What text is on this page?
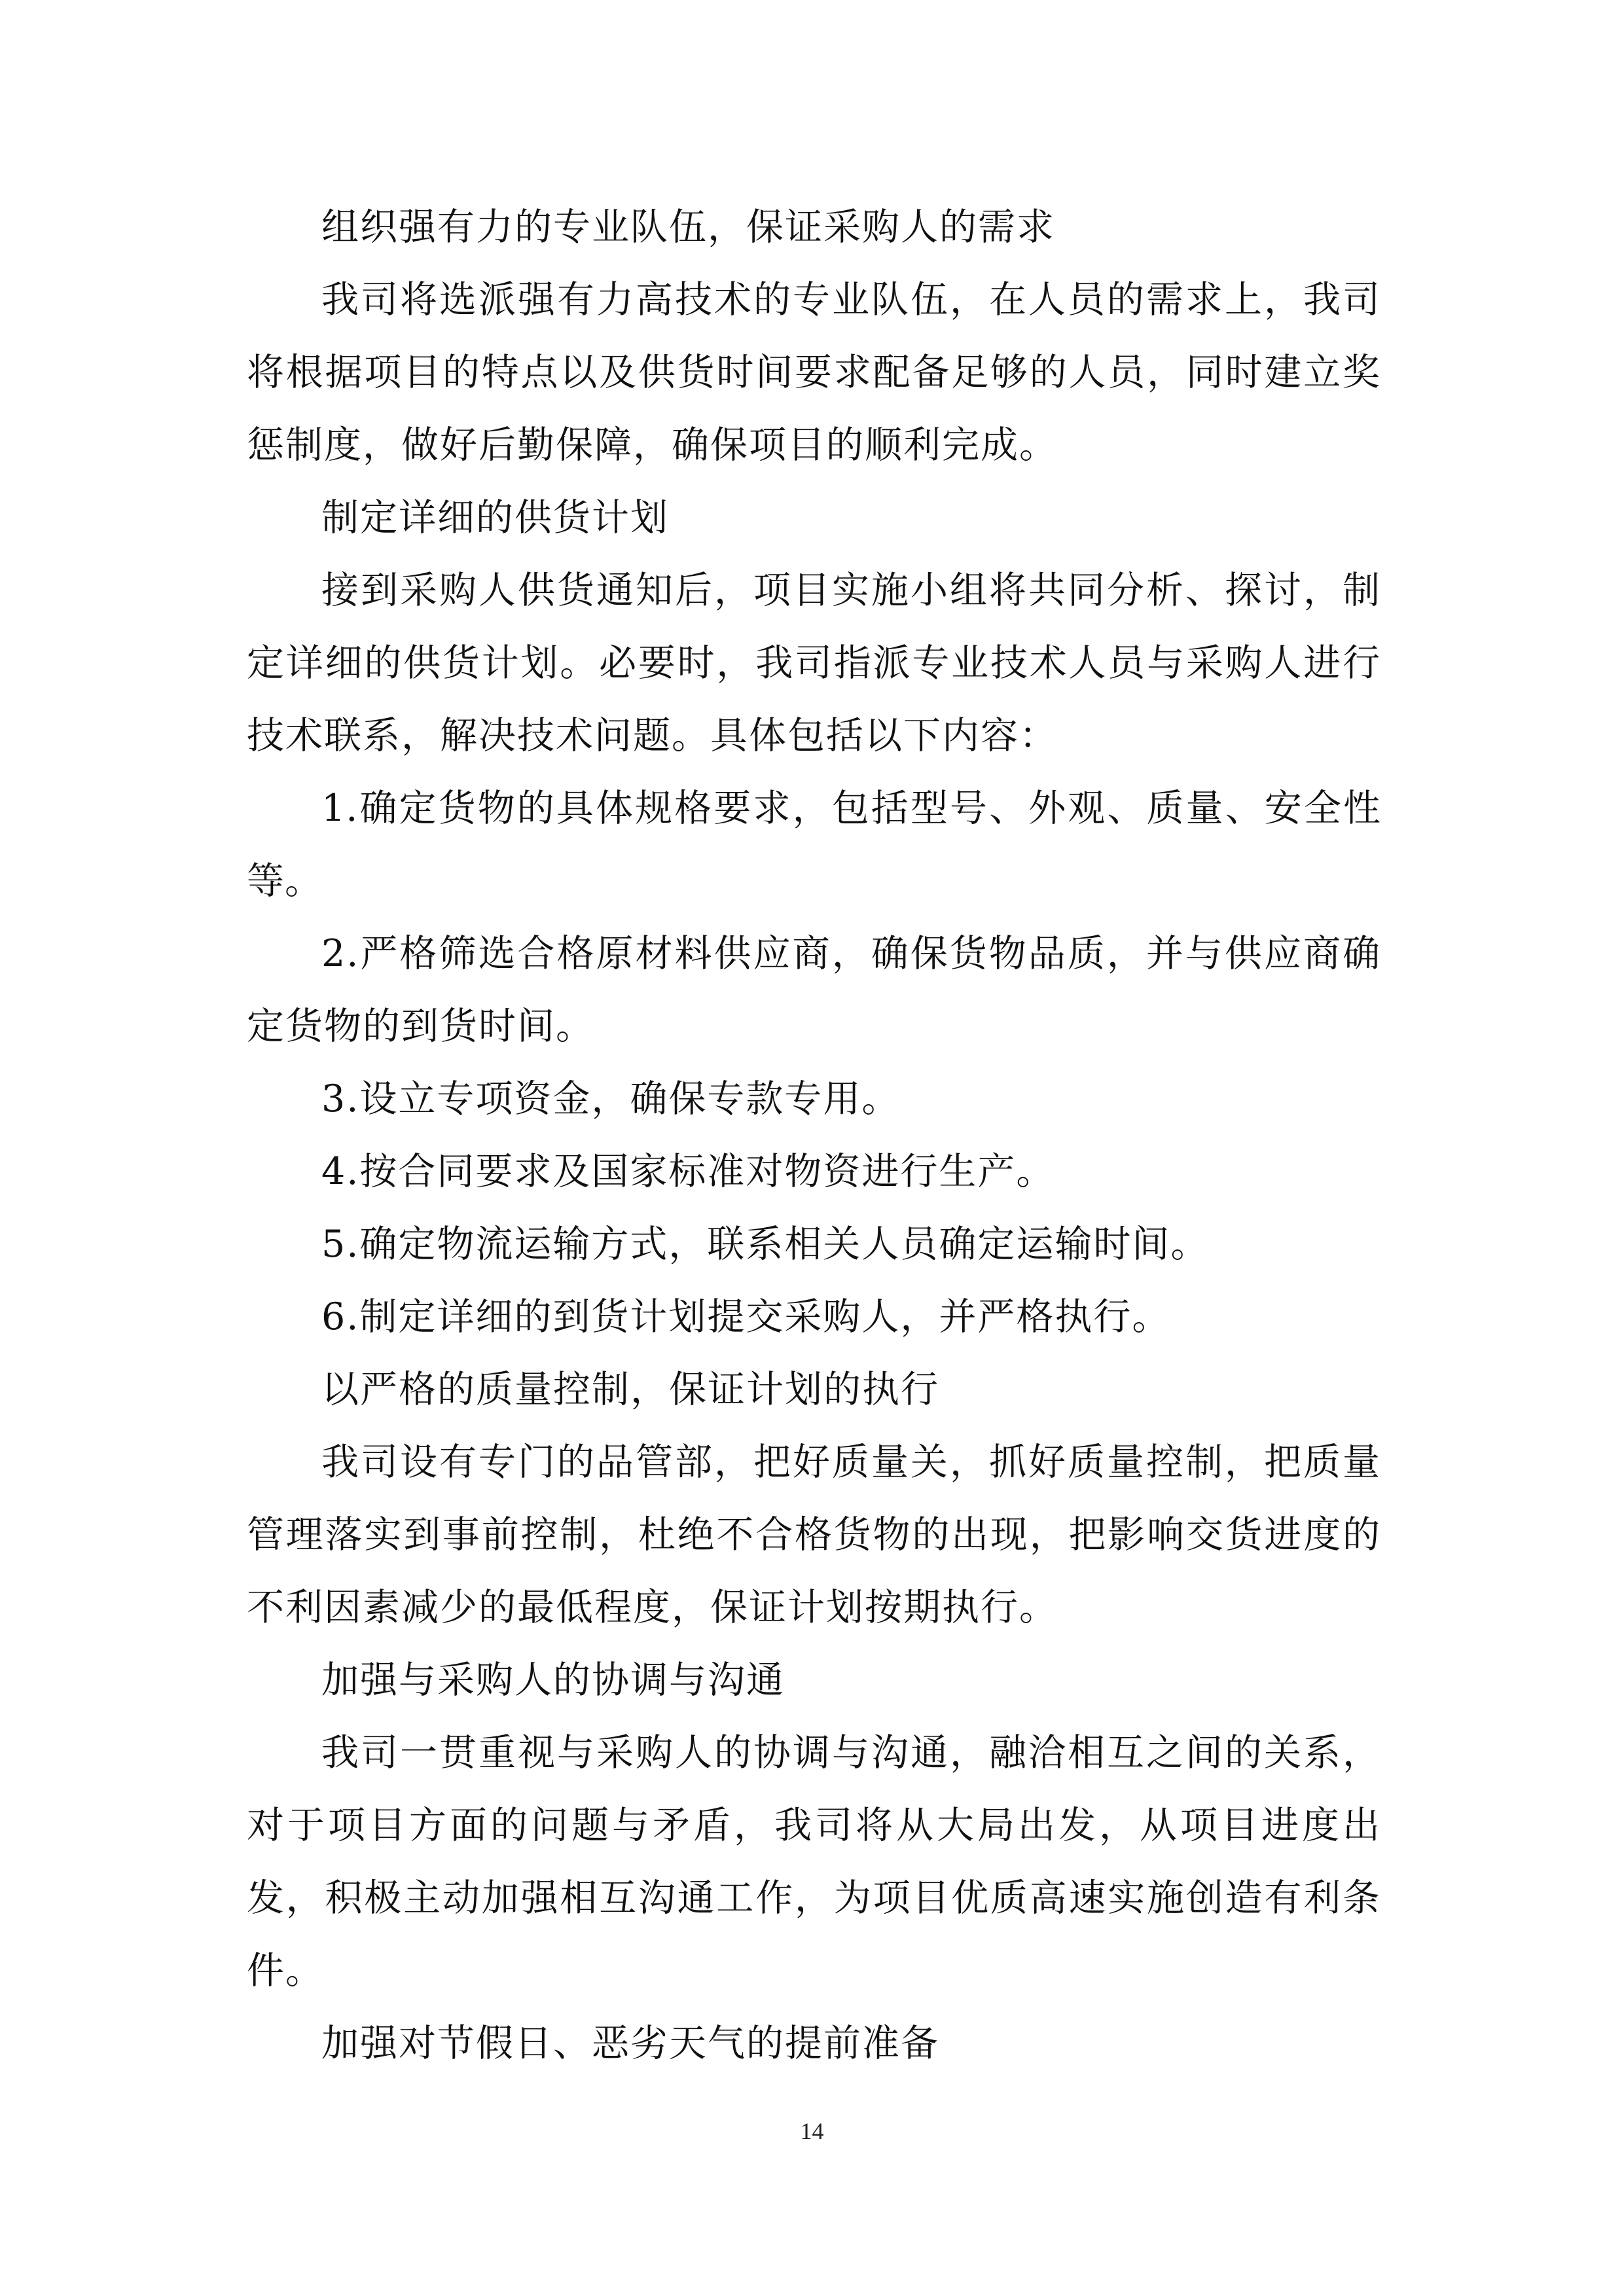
组织强有力的专业队伍，保证采购人的需求

我司将选派强有力高技术的专业队伍，在人员的需求上，我司将根据项目的特点以及供货时间要求配备足够的人员，同时建立奖惩制度，做好后勤保障，确保项目的顺利完成。

制定详细的供货计划

接到采购人供货通知后，项目实施小组将共同分析、探讨，制定详细的供货计划。必要时，我司指派专业技术人员与采购人进行技术联系，解决技术问题。具体包括以下内容：

1.确定货物的具体规格要求，包括型号、外观、质量、安全性等。

2.严格筛选合格原材料供应商，确保货物品质，并与供应商确定货物的到货时间。

3.设立专项资金，确保专款专用。

4.按合同要求及国家标准对物资进行生产。

5.确定物流运输方式，联系相关人员确定运输时间。

6.制定详细的到货计划提交采购人，并严格执行。

以严格的质量控制，保证计划的执行

我司设有专门的品管部，把好质量关，抓好质量控制，把质量管理落实到事前控制，杜绝不合格货物的出现，把影响交货进度的不利因素减少的最低程度，保证计划按期执行。

加强与采购人的协调与沟通

我司一贯重视与采购人的协调与沟通，融洽相互之间的关系，对于项目方面的问题与矛盾，我司将从大局出发，从项目进度出发，积极主动加强相互沟通工作，为项目优质高速实施创造有利条件。

加强对节假日、恶劣天气的提前准备

14
